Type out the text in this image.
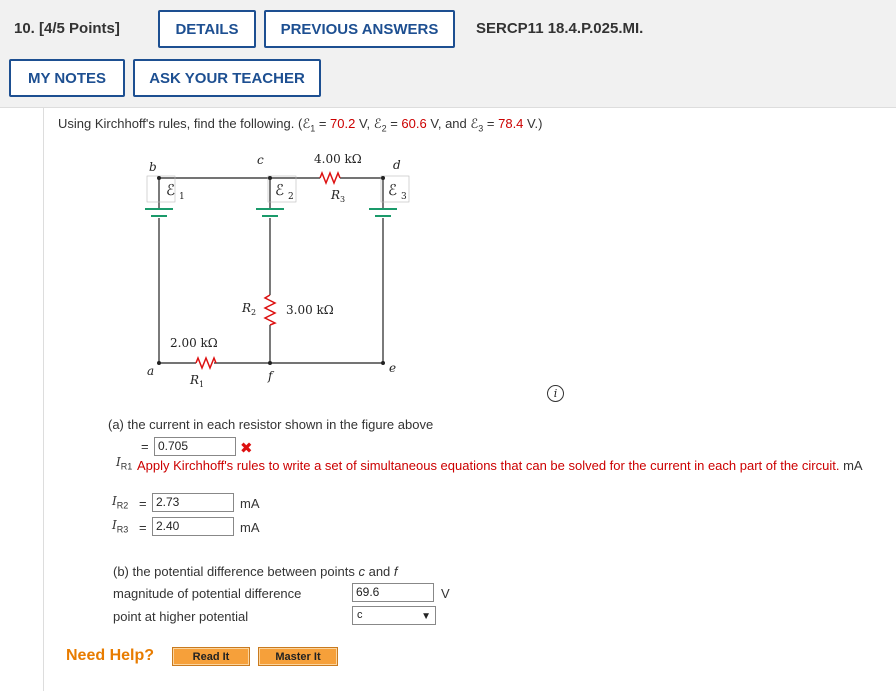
10. [4/5 Points]	DETAILS	PREVIOUS ANSWERS	SERCP11 18.4.P.025.MI.
MY NOTES	ASK YOUR TEACHER
Using Kirchhoff's rules, find the following. (ℰ$_1$ = 70.2 V, ℰ$_2$ = 60.6 V, and ℰ$_3$ = 78.4 V.)
b	c	d
a	f
e
ℰ 1	ℰ 2	ℰ 3
4.00 kΩ
R 3
3.00 kΩ
R 2
2.00 kΩ
R 1
i
(a) the current in each resistor shown in the figure above
= 0.705	✖
$I_{R1}$ Apply Kirchhoff's rules to write a set of simultaneous equations that can be solved for the current in each part of the circuit. mA
$I_{R2} = 2.73$	mA
$I_{R3} = 2.40$	mA
(b) the potential difference between points c and f
magnitude of potential difference	69.6	V
point at higher potential	c	▼
Need Help?	Read It	Master It
